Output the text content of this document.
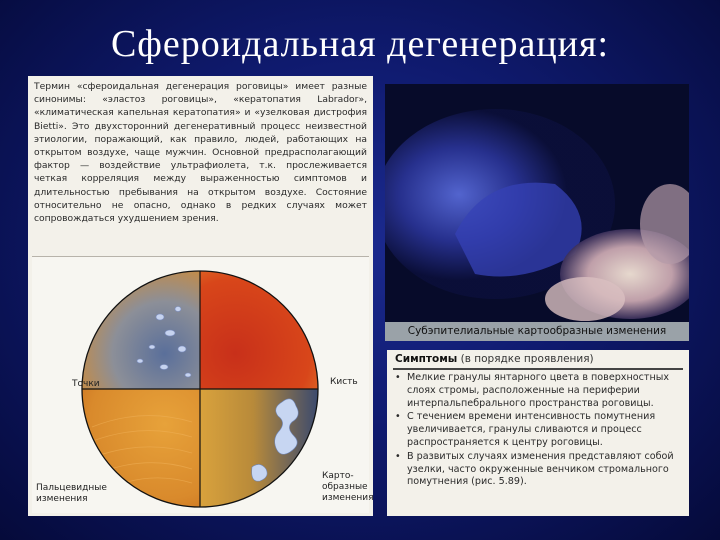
Сфероидальная дегенерация:
Термин «сфероидальная дегенерация роговицы» имеет разные синонимы: «эластоз роговицы», «кератопатия Labrador», «климатическая капельная кератопатия» и «узелковая дистрофия Bietti». Это двухсторонний дегенеративный процесс неизвестной этиологии, поражающий, как правило, людей, работающих на открытом воздухе, чаще мужчин. Основной предрасполагающий фактор — воздействие ультрафиолета, т.к. прослеживается четкая корреляция между выраженностью симптомов и длительностью пребывания на открытом воздухе. Состояние относительно не опасно, однако в редких случаях может сопровождаться ухудшением зрения.
Точки	Кисть
Пальцевидные
изменения
Карто-
образные
изменения
Субэпителиальные картообразные изменения
Симптомы (в порядке проявления)
• Мелкие гранулы янтарного цвета в поверхностных слоях стромы, расположенные на периферии интерпальпебрального пространства роговицы.
• С течением времени интенсивность помутнения увеличивается, гранулы сливаются и процесс распространяется к центру роговицы.
• В развитых случаях изменения представляют собой узелки, часто окруженные венчиком стромального помутнения (рис. 5.89).
